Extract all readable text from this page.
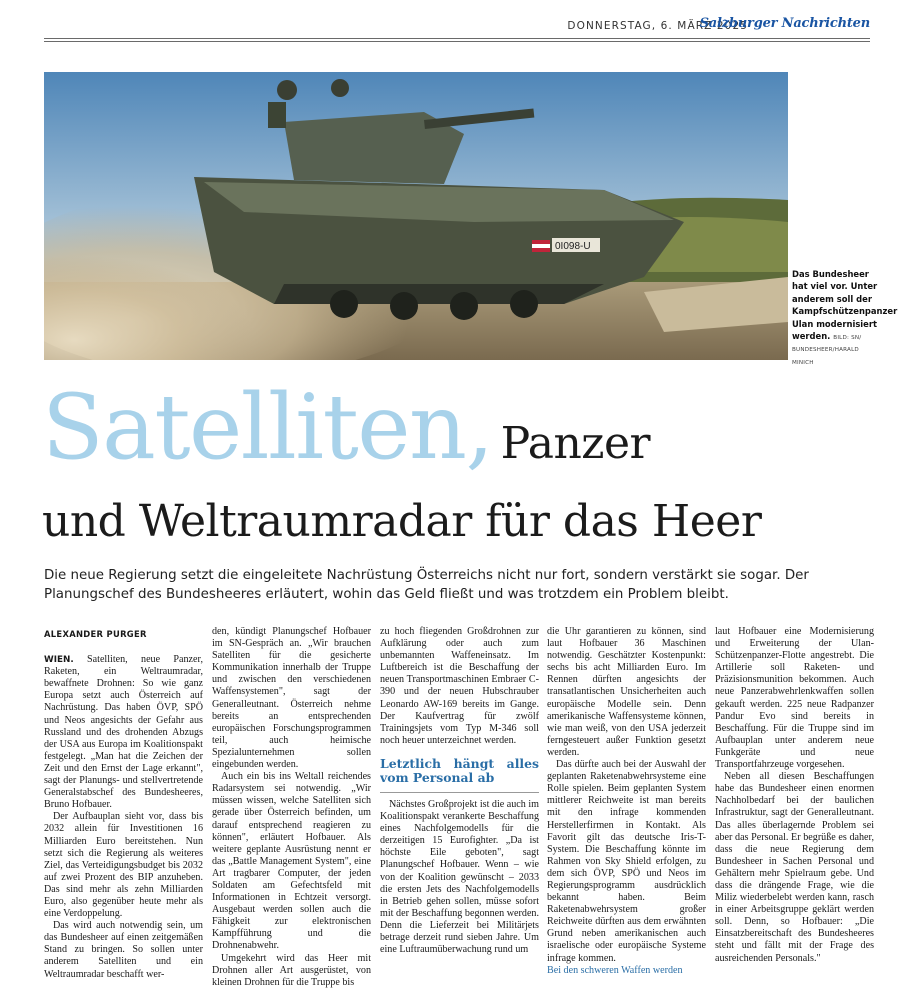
DONNERSTAG, 6. MÄRZ 2025
Salzburger Nachrichten
0I098-U
Das Bundesheer hat viel vor. Unter anderem soll der Kampfschützenpanzer Ulan modernisiert werden. BILD: SN/ BUNDESHEER/HARALD MINICH
Satelliten, Panzer
und Weltraumradar für das Heer
Die neue Regierung setzt die eingeleitete Nachrüstung Österreichs nicht nur fort, sondern verstärkt sie sogar. Der Planungschef des Bundesheeres erläutert, wohin das Geld fließt und was trotzdem ein Problem bleibt.
ALEXANDER PURGER

WIEN. Satelliten, neue Panzer, Raketen, ein Weltraumradar, bewaffnete Drohnen: So wie ganz Europa setzt auch Österreich auf Nachrüstung. Das haben ÖVP, SPÖ und Neos angesichts der Gefahr aus Russland und des drohenden Abzugs der USA aus Europa im Koalitionspakt festgelegt. „Man hat die Zeichen der Zeit und den Ernst der Lage erkannt", sagt der Planungs- und stellvertretende Generalstabschef des Bundesheeres, Bruno Hofbauer.

Der Aufbauplan sieht vor, dass bis 2032 allein für Investitionen 16 Milliarden Euro bereitstehen. Nun setzt sich die Regierung als weiteres Ziel, das Verteidigungsbudget bis 2032 auf zwei Prozent des BIP anzuheben. Das sind mehr als zehn Milliarden Euro, also gegenüber heute mehr als eine Verdoppelung.

Das wird auch notwendig sein, um das Bundesheer auf einen zeitgemäßen Stand zu bringen. So sollen unter anderem Satelliten und ein Weltraumradar beschafft wer-

den, kündigt Planungschef Hofbauer im SN-Gespräch an. „Wir brauchen Satelliten für die gesicherte Kommunikation innerhalb der Truppe und zwischen den verschiedenen Waffensystemen", sagt der Generalleutnant. Österreich nehme bereits an entsprechenden europäischen Forschungsprogrammen teil, auch heimische Spezialunternehmen sollen eingebunden werden.

Auch ein bis ins Weltall reichendes Radarsystem sei notwendig. „Wir müssen wissen, welche Satelliten sich gerade über Österreich befinden, um darauf entsprechend reagieren zu können", erläutert Hofbauer. Als weitere geplante Ausrüstung nennt er das „Battle Management System", eine Art tragbarer Computer, der jeden Soldaten am Gefechtsfeld mit Informationen in Echtzeit versorgt. Ausgebaut werden sollen auch die Fähigkeit zur elektronischen Kampfführung und die Drohnenabwehr.

Umgekehrt wird das Heer mit Drohnen aller Art ausgerüstet, von kleinen Drohnen für die Truppe bis

zu hoch fliegenden Großdrohnen zur Aufklärung oder auch zum unbemannten Waffeneinsatz. Im Luftbereich ist die Beschaffung der neuen Transportmaschinen Embraer C-390 und der neuen Hubschrauber Leonardo AW-169 bereits im Gange. Der Kaufvertrag für zwölf Trainingsjets vom Typ M-346 soll noch heuer unterzeichnet werden.

Letztlich hängt alles vom Personal ab

Nächstes Großprojekt ist die auch im Koalitionspakt verankerte Beschaffung eines Nachfolgemodells für die derzeitigen 15 Eurofighter. „Da ist höchste Eile geboten", sagt Planungschef Hofbauer. Wenn – wie von der Koalition gewünscht – 2033 die ersten Jets des Nachfolgemodells in Betrieb gehen sollen, müsse sofort mit der Beschaffung begonnen werden. Denn die Lieferzeit bei Militärjets betrage derzeit rund sieben Jahre. Um eine Luftraumüberwachung rund um

die Uhr garantieren zu können, sind laut Hofbauer 36 Maschinen notwendig. Geschätzter Kostenpunkt: sechs bis acht Milliarden Euro. Im Rennen dürften angesichts der transatlantischen Unsicherheiten auch europäische Modelle sein. Denn amerikanische Waffensysteme können, wie man weiß, von den USA jederzeit ferngesteuert außer Funktion gesetzt werden.

Das dürfte auch bei der Auswahl der geplanten Raketenabwehrsysteme eine Rolle spielen. Beim geplanten System mittlerer Reichweite ist man bereits mit den infrage kommenden Herstellerfirmen in Kontakt. Als Favorit gilt das deutsche Iris-T-System. Die Beschaffung könnte im Rahmen von Sky Shield erfolgen, zu dem sich ÖVP, SPÖ und Neos im Regierungsprogramm ausdrücklich bekannt haben. Beim Raketenabwehrsystem großer Reichweite dürften aus dem erwähnten Grund neben amerikanischen auch israelische oder europäische Systeme infrage kommen.

Bei den schweren Waffen werden

laut Hofbauer eine Modernisierung und Erweiterung der Ulan-Schützenpanzer-Flotte angestrebt. Die Artillerie soll Raketen- und Präzisionsmunition bekommen. Auch neue Panzerabwehrlenkwaffen sollen gekauft werden. 225 neue Radpanzer Pandur Evo sind bereits in Beschaffung. Für die Truppe sind im Aufbauplan unter anderem neue Funkgeräte und neue Transportfahrzeuge vorgesehen.

Neben all diesen Beschaffungen habe das Bundesheer einen enormen Nachholbedarf bei der baulichen Infrastruktur, sagt der Generalleutnant. Das alles überlagernde Problem sei aber das Personal. Er begrüße es daher, dass die neue Regierung dem Bundesheer in Sachen Personal und Gehältern mehr Spielraum gebe. Und dass die drängende Frage, wie die Miliz wiederbelebt werden kann, rasch in einer Arbeitsgruppe geklärt werden soll. Denn, so Hofbauer: „Die Einsatzbereitschaft des Bundesheeres steht und fällt mit der Frage des ausreichenden Personals."
